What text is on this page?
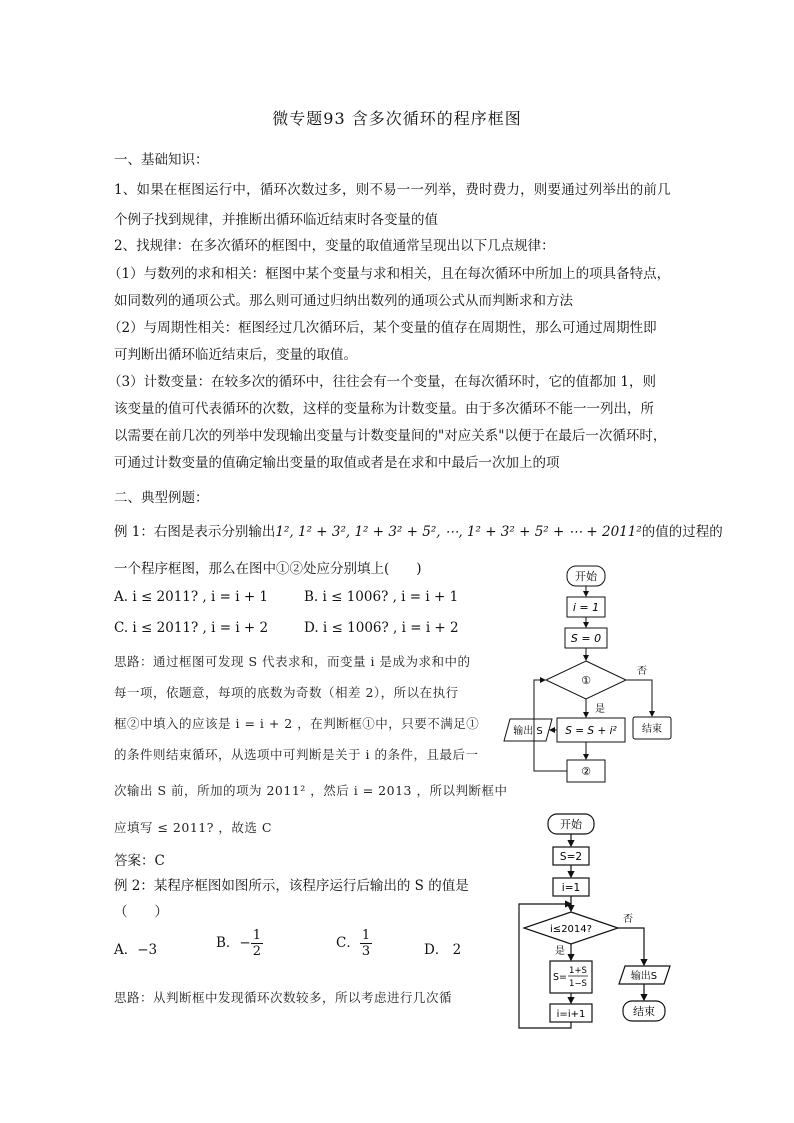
微专题93 含多次循环的程序框图
一、基础知识：
1、如果在框图运行中，循环次数过多，则不易一一列举，费时费力，则要通过列举出的前几
个例子找到规律，并推断出循环临近结束时各变量的值
2、找规律：在多次循环的框图中，变量的取值通常呈现出以下几点规律：
（1）与数列的求和相关：框图中某个变量与求和相关，且在每次循环中所加上的项具备特点，
如同数列的通项公式。那么则可通过归纳出数列的通项公式从而判断求和方法
（2）与周期性相关：框图经过几次循环后，某个变量的值存在周期性，那么可通过周期性即
可判断出循环临近结束后，变量的取值。
（3）计数变量：在较多次的循环中，往往会有一个变量，在每次循环时，它的值都加 1，则
该变量的值可代表循环的次数，这样的变量称为计数变量。由于多次循环不能一一列出，所
以需要在前几次的列举中发现输出变量与计数变量间的"对应关系"以便于在最后一次循环时，
可通过计数变量的值确定输出变量的取值或者是在求和中最后一次加上的项
二、典型例题：
例 1：右图是表示分别输出1², 1² + 3², 1² + 3² + 5², ⋯, 1² + 3² + 5² + ⋯ + 2011²的值的过程的
一个程序框图，那么在图中①②处应分别填上(　　)
A. i ≤ 2011? , i = i + 1	B. i ≤ 1006? , i = i + 1
C. i ≤ 2011? , i = i + 2	D. i ≤ 1006? , i = i + 2
思路：通过框图可发现 S 代表求和，而变量 i 是成为求和中的
每一项，依题意，每项的底数为奇数（相差 2），所以在执行
框②中填入的应该是 i = i + 2 ，在判断框①中，只要不满足①
的条件则结束循环，从选项中可判断是关于 i 的条件，且最后一
次输出 S 前，所加的项为 2011² ，然后 i = 2013 ，所以判断框中
应填写 ≤ 2011? ，故选 C
答案：C
例 2：某程序框图如图所示，该程序运行后输出的 S 的值是
（　　）
A．−3	B．− $\frac{1}{2}$	C． $\frac{1}{3}$	D． 2
思路：从判断框中发现循环次数较多，所以考虑进行几次循
开始
i = 1
S = 0
①
否
是
结束
S = S + i²
输出 S
②
开始
S=2
i=1
i≤2014?
否
是
S=
1+S
1−S
输出S
i=i+1	结束
